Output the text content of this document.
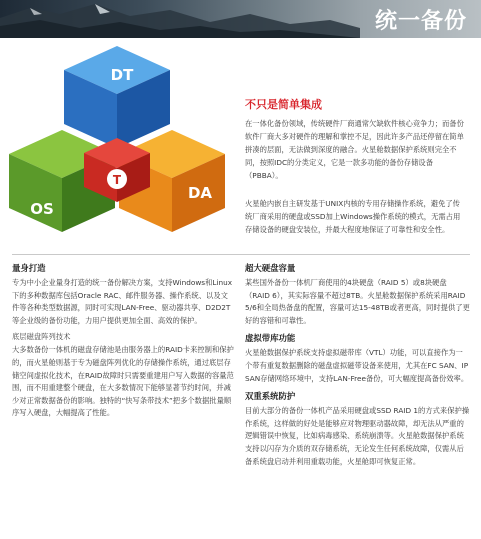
统一备份
DT
OS
DA
T
不只是简单集成
在一体化备份领域，传统硬件厂商通常欠缺软件核心竞争力；而备份软件厂商大多对硬件的理解和掌控不足，因此许多产品还停留在简单拼凑的层面，无法做到深度的融合。火星舱数据保护系统则完全不同，按照IDC的分类定义，它是一款多功能的备份存储设备（PBBA）。
火星舱内嵌自主研发基于UNIX内核的专用存储操作系统，避免了传统厂商采用的硬盘或SSD加上Windows操作系统的模式，无需占用存储设备的硬盘安装位，并最大程度地保证了可靠性和安全性。
量身打造
专为中小企业量身打造的统一备份解决方案，支持Windows和Linux下的多种数据库包括Oracle RAC、邮件服务器、操作系统、以及文件等各种类型数据源，同时可实现LAN-Free、驱动器共享、D2D2T等企业级的备份功能，力用户提供更加全面、高效的保护。
底层磁盘阵列技术
大多数备份一体机的磁盘存储池是由服务器上的RAID卡来控制和保护的，而火星舱则基于专为磁盘阵列优化的存储操作系统，通过底层存储空间虚拟化技术，在RAID故障时只需要重建用户写入数据的容量范围，而不用重建整个硬盘，在大多数情况下能够显著节约时间，并减少对正常数据备份的影响。独特的“快写条带技术”把多个数据批量顺序写入硬盘，大幅提高了性能。
超大硬盘容量
某些国外备份一体机厂商使用的4块硬盘（RAID 5）或8块硬盘（RAID 6），其实际容量不超过8TB。火星舱数据保护系统采用RAID 5/6和全局热备盘的配置，容量可达15-48TB或者更高，同时提供了更好的容错和可靠性。
虚拟带库功能
火星舱数据保护系统支持虚拟磁带库（VTL）功能，可以直接作为一个带有重复数据删除的磁盘虚拟磁带设备来使用，尤其在FC SAN、IP SAN存储网络环境中，支持LAN-Free备份，可大幅度提高备份效率。
双重系统防护
目前大部分的备份一体机产品采用硬盘或SSD RAID 1的方式来保护操作系统，这样做的好处是能够应对物理驱动器故障，却无法从严重的逻辑错误中恢复，比如病毒感染、系统崩溃等。火星舱数据保护系统支持以闪存为介质的双存储系统，无论发生任何系统故障，仅需从后备系统盘启动并利用重载功能，火星舱即可恢复正常。
